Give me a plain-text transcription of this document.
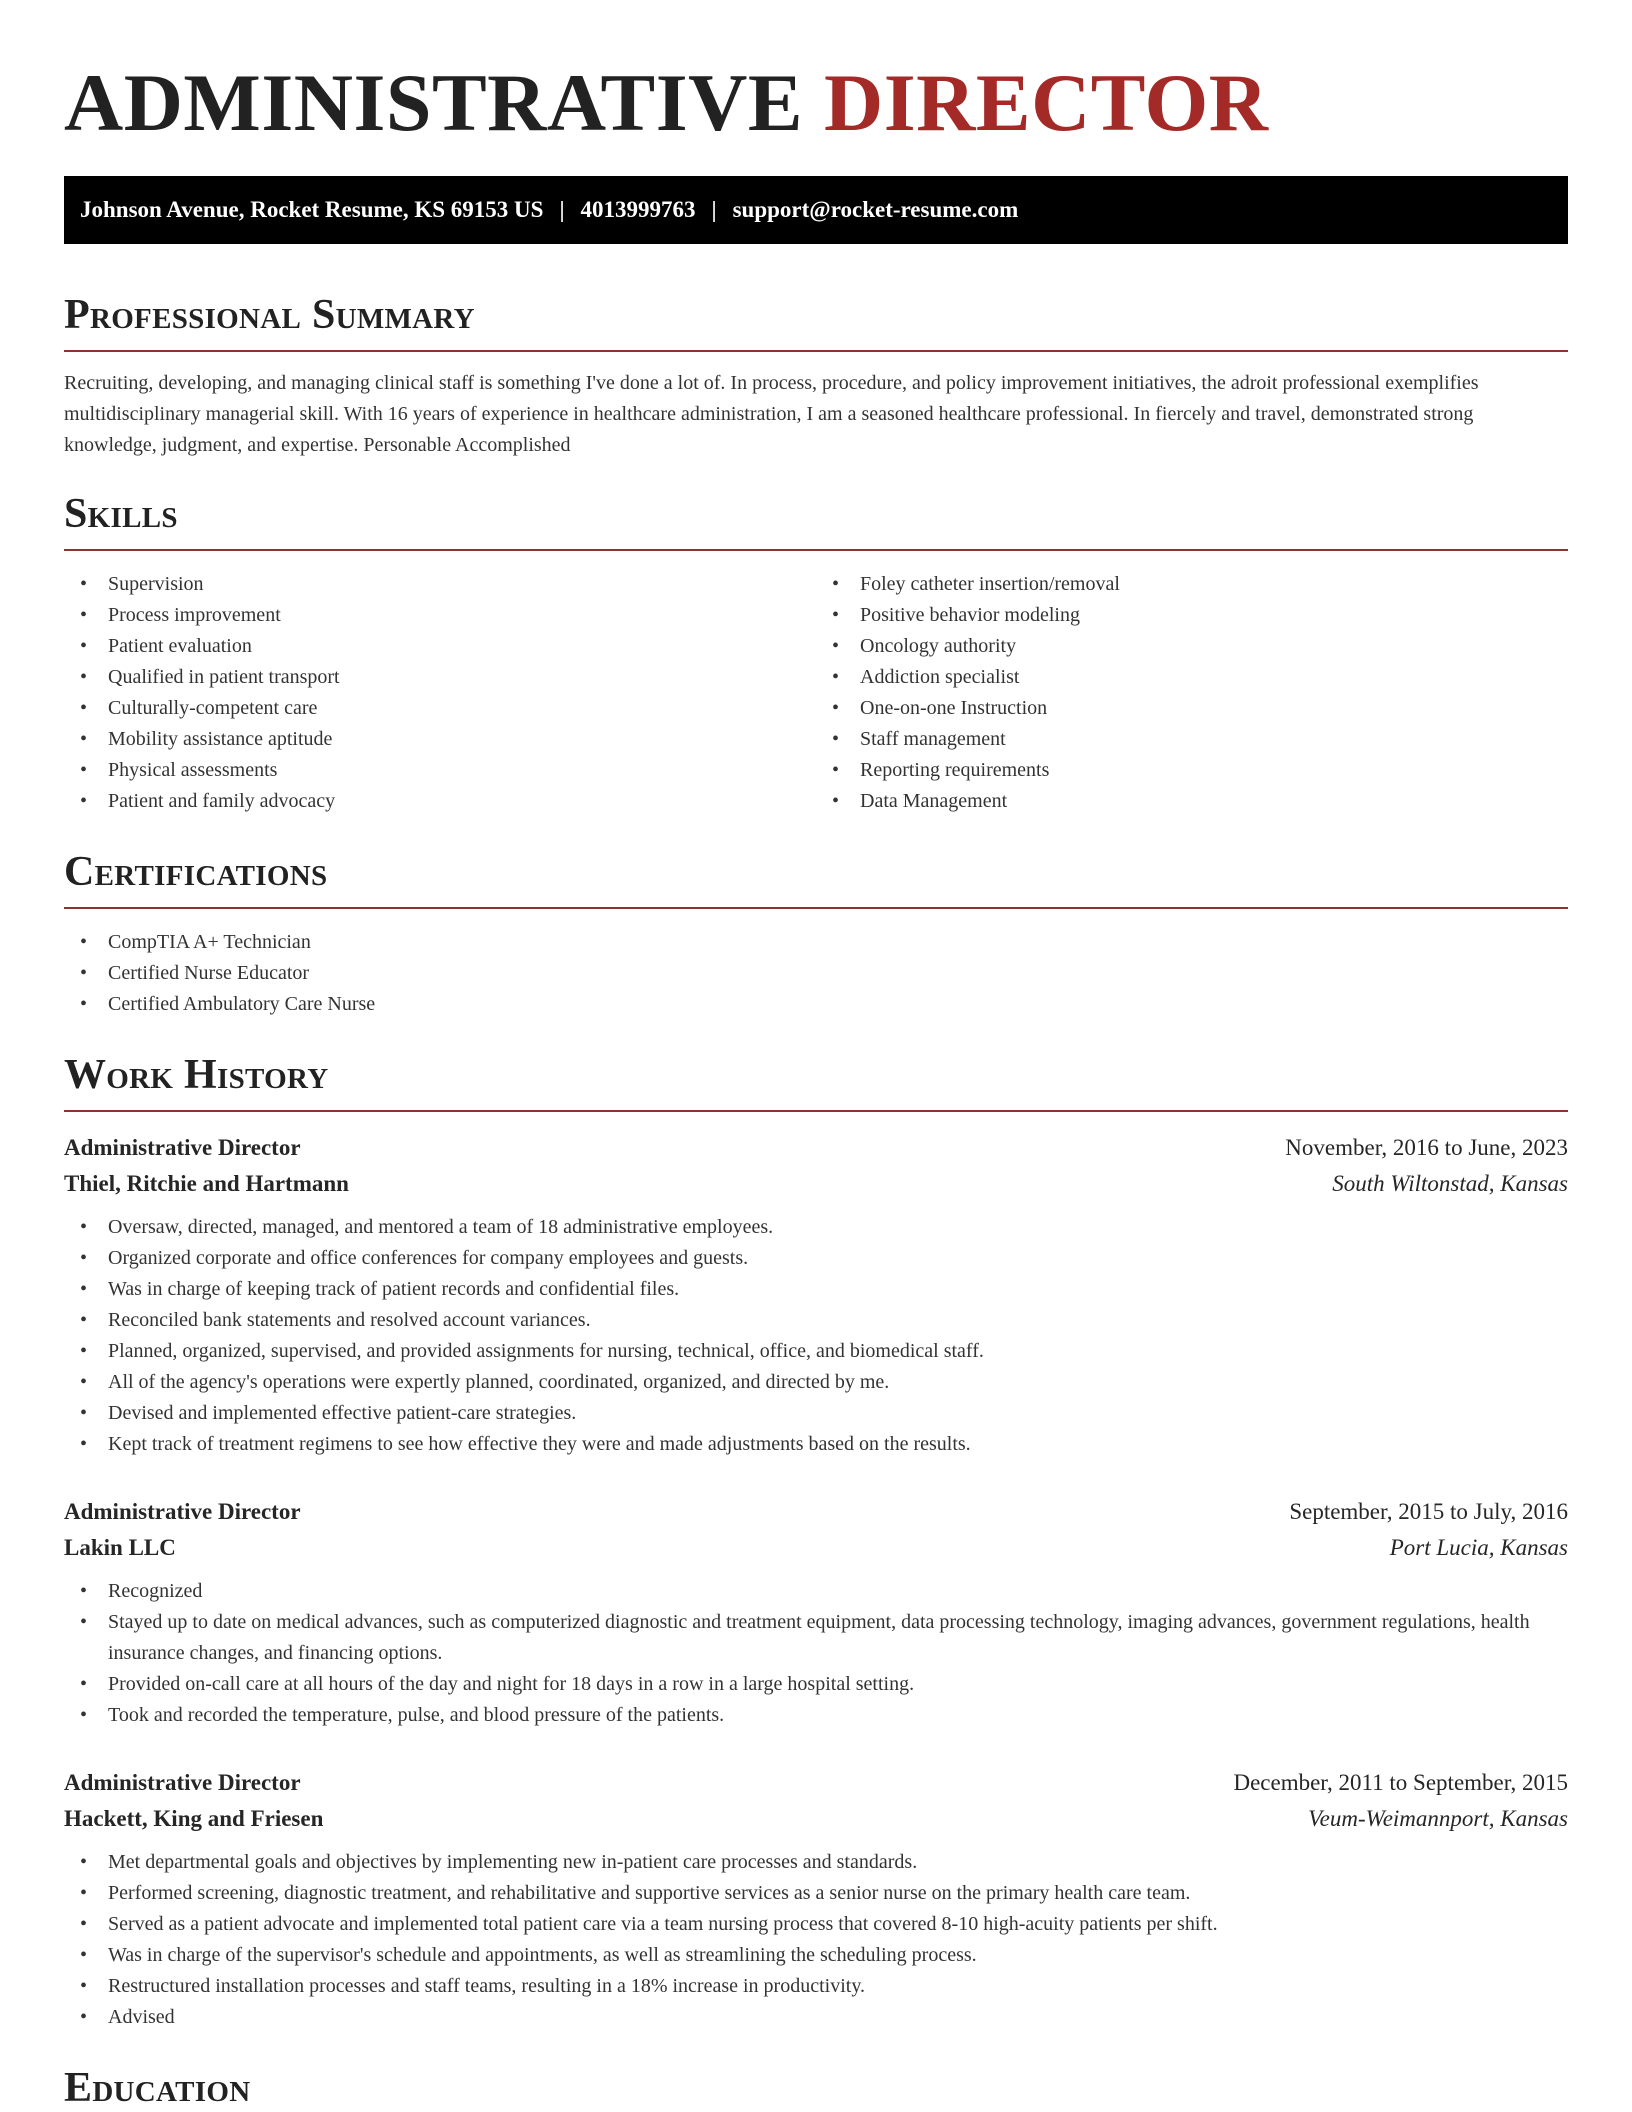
ADMINISTRATIVE DIRECTOR
Johnson Avenue, Rocket Resume, KS 69153 US | 4013999763 | support@rocket-resume.com
Professional Summary

Recruiting, developing, and managing clinical staff is something I've done a lot of. In process, procedure, and policy improvement initiatives, the adroit professional exemplifies multidisciplinary managerial skill. With 16 years of experience in healthcare administration, I am a seasoned healthcare professional. In fiercely and travel, demonstrated strong knowledge, judgment, and expertise. Personable Accomplished

Skills
• Supervision
• Process improvement
• Patient evaluation
• Qualified in patient transport
• Culturally-competent care
• Mobility assistance aptitude
• Physical assessments
• Patient and family advocacy
• Foley catheter insertion/removal
• Positive behavior modeling
• Oncology authority
• Addiction specialist
• One-on-one Instruction
• Staff management
• Reporting requirements
• Data Management
Certifications
• CompTIA A+ Technician
• Certified Nurse Educator
• Certified Ambulatory Care Nurse
Work History
Administrative Director	November, 2016 to June, 2023
Thiel, Ritchie and Hartmann	South Wiltonstad, Kansas
• Oversaw, directed, managed, and mentored a team of 18 administrative employees.
• Organized corporate and office conferences for company employees and guests.
• Was in charge of keeping track of patient records and confidential files.
• Reconciled bank statements and resolved account variances.
• Planned, organized, supervised, and provided assignments for nursing, technical, office, and biomedical staff.
• All of the agency's operations were expertly planned, coordinated, organized, and directed by me.
• Devised and implemented effective patient-care strategies.
• Kept track of treatment regimens to see how effective they were and made adjustments based on the results.
Administrative Director	September, 2015 to July, 2016
Lakin LLC	Port Lucia, Kansas
• Recognized
• Stayed up to date on medical advances, such as computerized diagnostic and treatment equipment, data processing technology, imaging advances, government regulations, health insurance changes, and financing options.
• Provided on-call care at all hours of the day and night for 18 days in a row in a large hospital setting.
• Took and recorded the temperature, pulse, and blood pressure of the patients.
Administrative Director	December, 2011 to September, 2015
Hackett, King and Friesen	Veum-Weimannport, Kansas
• Met departmental goals and objectives by implementing new in-patient care processes and standards.
• Performed screening, diagnostic treatment, and rehabilitative and supportive services as a senior nurse on the primary health care team.
• Served as a patient advocate and implemented total patient care via a team nursing process that covered 8-10 high-acuity patients per shift.
• Was in charge of the supervisor's schedule and appointments, as well as streamlining the scheduling process.
• Restructured installation processes and staff teams, resulting in a 18% increase in productivity.
• Advised
Education
